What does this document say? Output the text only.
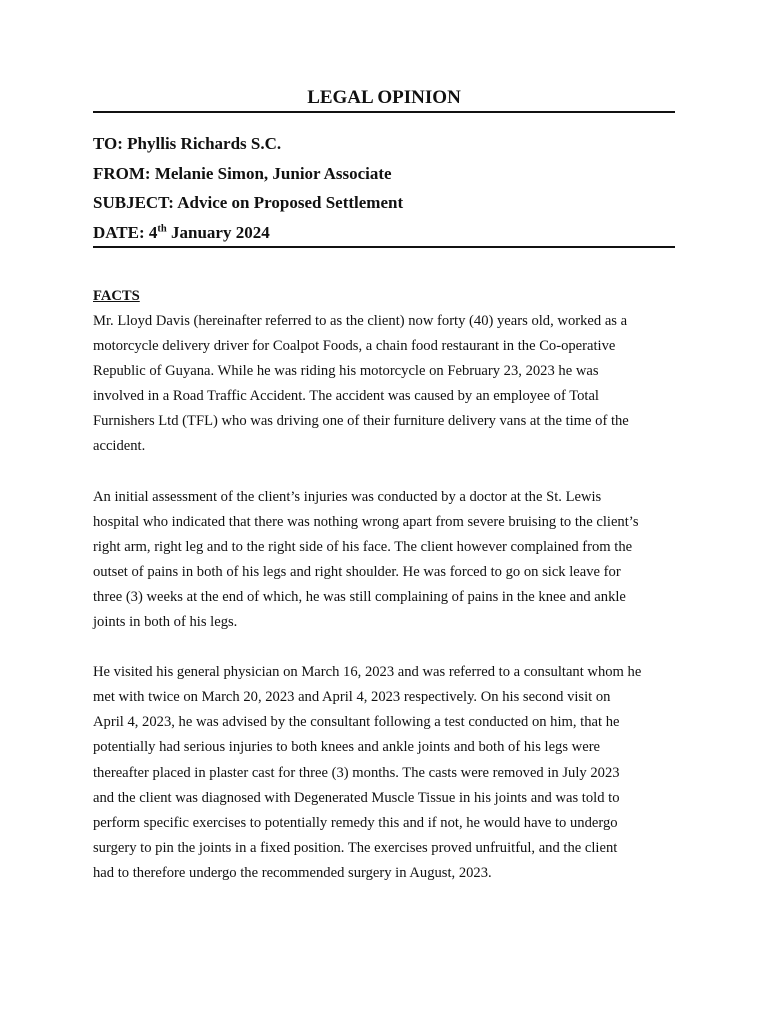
LEGAL OPINION
TO: Phyllis Richards S.C.
FROM: Melanie Simon, Junior Associate
SUBJECT: Advice on Proposed Settlement
DATE: 4th January 2024
FACTS

Mr. Lloyd Davis (hereinafter referred to as the client) now forty (40) years old, worked as a
motorcycle delivery driver for Coalpot Foods, a chain food restaurant in the Co-operative
Republic of Guyana. While he was riding his motorcycle on February 23, 2023 he was
involved in a Road Traffic Accident. The accident was caused by an employee of Total
Furnishers Ltd (TFL) who was driving one of their furniture delivery vans at the time of the
accident.

An initial assessment of the client’s injuries was conducted by a doctor at the St. Lewis
hospital who indicated that there was nothing wrong apart from severe bruising to the client’s
right arm, right leg and to the right side of his face. The client however complained from the
outset of pains in both of his legs and right shoulder. He was forced to go on sick leave for
three (3) weeks at the end of which, he was still complaining of pains in the knee and ankle
joints in both of his legs.

He visited his general physician on March 16, 2023 and was referred to a consultant whom he
met with twice on March 20, 2023 and April 4, 2023 respectively. On his second visit on
April 4, 2023, he was advised by the consultant following a test conducted on him, that he
potentially had serious injuries to both knees and ankle joints and both of his legs were
thereafter placed in plaster cast for three (3) months. The casts were removed in July 2023
and the client was diagnosed with Degenerated Muscle Tissue in his joints and was told to
perform specific exercises to potentially remedy this and if not, he would have to undergo
surgery to pin the joints in a fixed position. The exercises proved unfruitful, and the client
had to therefore undergo the recommended surgery in August, 2023.
